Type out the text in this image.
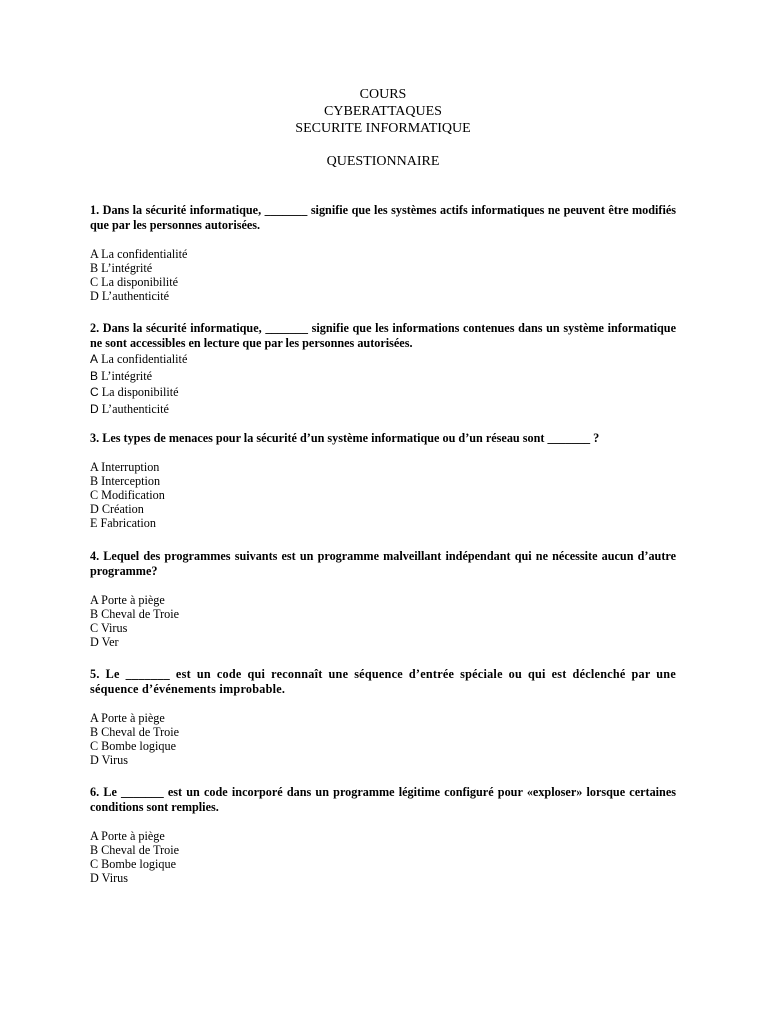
COURS
CYBERATTAQUES
SECURITE INFORMATIQUE
QUESTIONNAIRE

1. Dans la sécurité informatique, _______ signifie que les systèmes actifs informatiques ne peuvent être modifiés que par les personnes autorisées.

A La confidentialité
B L’intégrité
C La disponibilité
D L’authenticité

2. Dans la sécurité informatique, _______ signifie que les informations contenues dans un système informatique ne sont accessibles en lecture que par les personnes autorisées.

A La confidentialité
B L’intégrité
C La disponibilité
D L’authenticité

3. Les types de menaces pour la sécurité d’un système informatique ou d’un réseau sont _______ ?

A Interruption
B Interception
C Modification
D Création
E Fabrication

4. Lequel des programmes suivants est un programme malveillant indépendant qui ne nécessite aucun d’autre programme?

A Porte à piège
B Cheval de Troie
C Virus
D Ver

5. Le _______ est un code qui reconnaît une séquence d’entrée spéciale ou qui est déclenché par une séquence d’événements improbable.

A Porte à piège
B Cheval de Troie
C Bombe logique
D Virus

6. Le _______ est un code incorporé dans un programme légitime configuré pour «exploser» lorsque certaines conditions sont remplies.

A Porte à piège
B Cheval de Troie
C Bombe logique
D Virus
